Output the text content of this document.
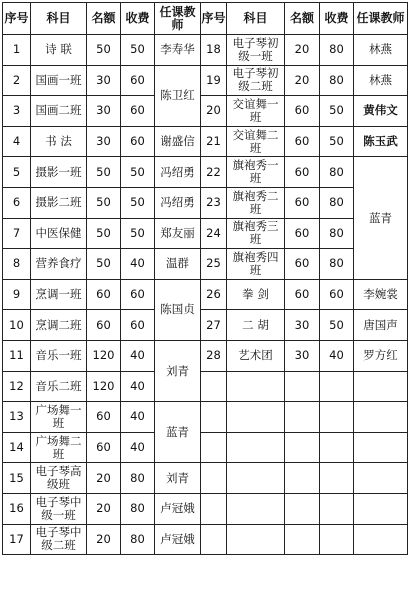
序号	科目	名额	收费	任课教师	序号	科目	名额	收费	任课教师
1	诗 联	50	50	李寿华	18	电子琴初级一班	20	80	林燕
2	国画一班	30	60	陈卫红	19	电子琴初级二班	20	80	林燕
3	国画二班	30	60		20	交谊舞一班	60	50	黄伟文
4	书 法	30	60	谢盛信	21	交谊舞二班	60	50	陈玉武
5	摄影一班	50	50	冯绍勇	22	旗袍秀一班	60	80	蓝青
6	摄影二班	50	50	冯绍勇	23	旗袍秀二班	60	80	
7	中医保健	50	50	郑友丽	24	旗袍秀三班	60	80	
8	营养食疗	50	40	温群	25	旗袍秀四班	60	80	
9	烹调一班	60	60	陈国贞	26	拳 剑	60	60	李婉裳
10	烹调二班	60	60		27	二 胡	30	50	唐国声
11	音乐一班	120	40	刘青	28	艺术团	30	40	罗方红
12	音乐二班	120	40						
13	广场舞一班	60	40	蓝青					
14	广场舞二班	60	40						
15	电子琴高级班	20	80	刘青					
16	电子琴中级一班	20	80	卢冠娥					
17	电子琴中级二班	20	80	卢冠娥					
